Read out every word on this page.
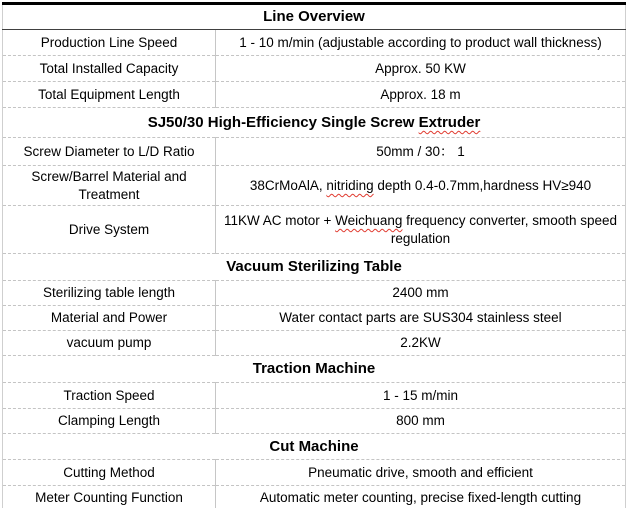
Line Overview	
Production Line Speed	1 - 10 m/min (adjustable according to product wall thickness)
Total Installed Capacity	Approx. 50 KW
Total Equipment Length	Approx. 18 m
SJ50/30 High-Efficiency Single Screw Extruder	
Screw Diameter to L/D Ratio	50mm / 30： 1
Screw/Barrel Material and Treatment	38CrMoAlA, nitriding depth 0.4-0.7mm,hardness HV≥940
Drive System	11KW AC motor + Weichuang frequency converter, smooth speed regulation
Vacuum Sterilizing Table	
Sterilizing table length	2400 mm
Material and Power	Water contact parts are SUS304 stainless steel
vacuum pump	2.2KW
Traction Machine	
Traction Speed	1 - 15 m/min
Clamping Length	800 mm
Cut Machine	
Cutting Method	Pneumatic drive, smooth and efficient
Meter Counting Function	Automatic meter counting, precise fixed-length cutting
